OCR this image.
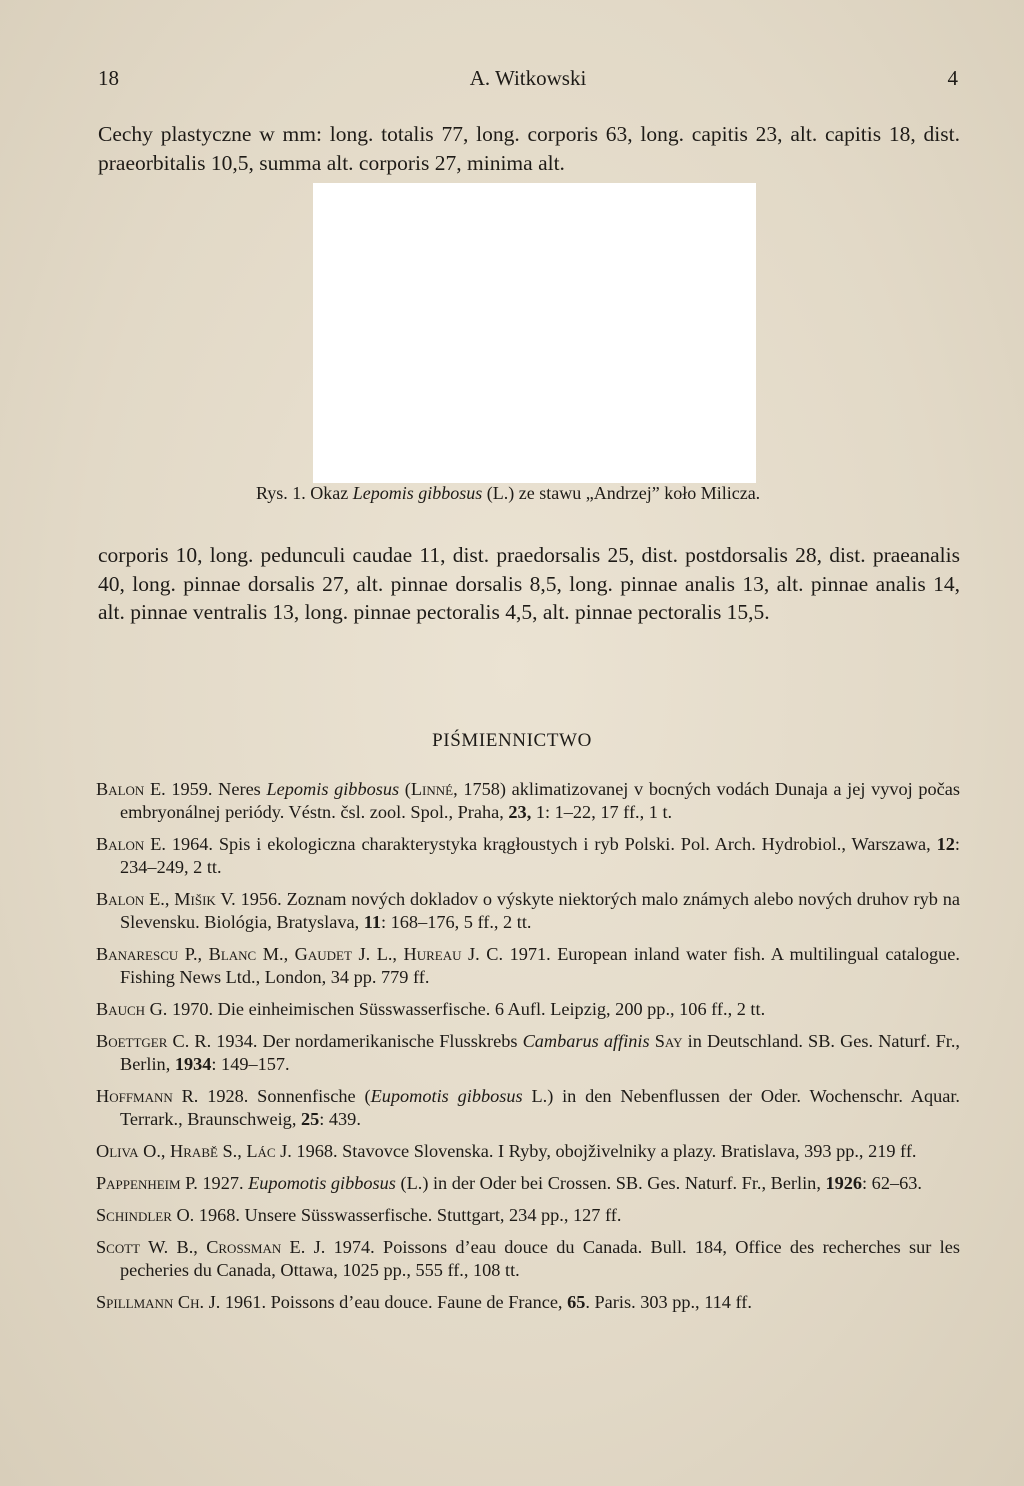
18	A. Witkowski	4
Cechy plastyczne w mm: long. totalis 77, long. corporis 63, long. capitis 23, alt. capitis 18, dist. praeorbitalis 10,5, summa alt. corporis 27, minima alt.
Rys. 1. Okaz Lepomis gibbosus (L.) ze stawu „Andrzej” koło Milicza.
corporis 10, long. pedunculi caudae 11, dist. praedorsalis 25, dist. postdorsalis 28, dist. praeanalis 40, long. pinnae dorsalis 27, alt. pinnae dorsalis 8,5, long. pinnae analis 13, alt. pinnae analis 14, alt. pinnae ventralis 13, long. pinnae pectoralis 4,5, alt. pinnae pectoralis 15,5.
PIŚMIENNICTWO
Balon E. 1959. Neres Lepomis gibbosus (Linné, 1758) aklimatizovanej v bocných vodách Dunaja a jej vyvoj počas embryonálnej periódy. Véstn. čsl. zool. Spol., Praha, 23, 1: 1–22, 17 ff., 1 t.
Balon E. 1964. Spis i ekologiczna charakterystyka krągłoustych i ryb Polski. Pol. Arch. Hydrobiol., Warszawa, 12: 234–249, 2 tt.
Balon E., Mišik V. 1956. Zoznam nových dokladov o výskyte niektorých malo známych alebo nových druhov ryb na Slevensku. Biológia, Bratyslava, 11: 168–176, 5 ff., 2 tt.
Banarescu P., Blanc M., Gaudet J. L., Hureau J. C. 1971. European inland water fish. A multilingual catalogue. Fishing News Ltd., London, 34 pp. 779 ff.
Bauch G. 1970. Die einheimischen Süsswasserfische. 6 Aufl. Leipzig, 200 pp., 106 ff., 2 tt.
Boettger C. R. 1934. Der nordamerikanische Flusskrebs Cambarus affinis Say in Deutschland. SB. Ges. Naturf. Fr., Berlin, 1934: 149–157.
Hoffmann R. 1928. Sonnenfische (Eupomotis gibbosus L.) in den Nebenflussen der Oder. Wochenschr. Aquar. Terrark., Braunschweig, 25: 439.
Oliva O., Hrabě S., Lác J. 1968. Stavovce Slovenska. I Ryby, obojživelniky a plazy. Bratislava, 393 pp., 219 ff.
Pappenheim P. 1927. Eupomotis gibbosus (L.) in der Oder bei Crossen. SB. Ges. Naturf. Fr., Berlin, 1926: 62–63.
Schindler O. 1968. Unsere Süsswasserfische. Stuttgart, 234 pp., 127 ff.
Scott W. B., Crossman E. J. 1974. Poissons d’eau douce du Canada. Bull. 184, Office des recherches sur les pecheries du Canada, Ottawa, 1025 pp., 555 ff., 108 tt.
Spillmann Ch. J. 1961. Poissons d’eau douce. Faune de France, 65. Paris. 303 pp., 114 ff.
